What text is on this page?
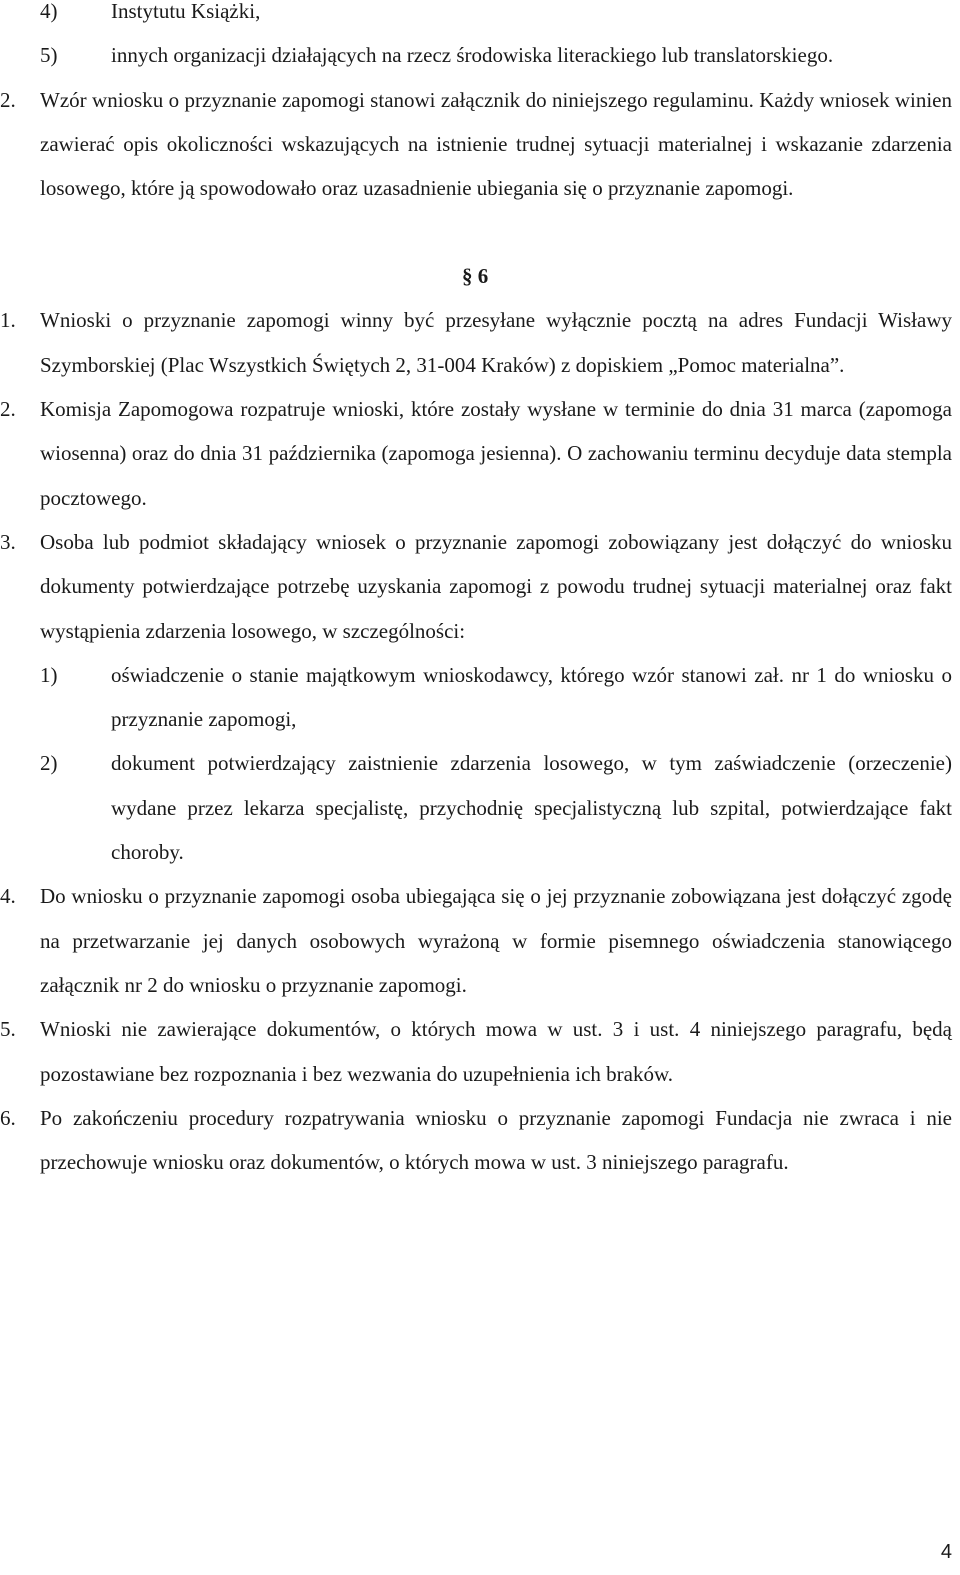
4)	Instytutu Książki,
5)	innych organizacji działających na rzecz środowiska literackiego lub translatorskiego.
2. Wzór wniosku o przyznanie zapomogi stanowi załącznik do niniejszego regulaminu. Każdy wniosek winien zawierać opis okoliczności wskazujących na istnienie trudnej sytuacji materialnej i wskazanie zdarzenia losowego, które ją spowodowało oraz uzasadnienie ubiegania się o przyznanie zapomogi.
§ 6
1. Wnioski o przyznanie zapomogi winny być przesyłane wyłącznie pocztą na adres Fundacji Wisławy Szymborskiej (Plac Wszystkich Świętych 2, 31-004 Kraków) z dopiskiem „Pomoc materialna”.
2. Komisja Zapomogowa rozpatruje wnioski, które zostały wysłane w terminie do dnia 31 marca (zapomoga wiosenna) oraz do dnia 31 października (zapomoga jesienna). O zachowaniu terminu decyduje data stempla pocztowego.
3. Osoba lub podmiot składający wniosek o przyznanie zapomogi zobowiązany jest dołączyć do wniosku dokumenty potwierdzające potrzebę uzyskania zapomogi z powodu trudnej sytuacji materialnej oraz fakt wystąpienia zdarzenia losowego, w szczególności:
1)	oświadczenie o stanie majątkowym wnioskodawcy, którego wzór stanowi zał. nr 1 do wniosku o przyznanie zapomogi,
2)	dokument potwierdzający zaistnienie zdarzenia losowego, w tym zaświadczenie (orzeczenie) wydane przez lekarza specjalistę, przychodnię specjalistyczną lub szpital, potwierdzające fakt choroby.
4. Do wniosku o przyznanie zapomogi osoba ubiegająca się o jej przyznanie zobowiązana jest dołączyć zgodę na przetwarzanie jej danych osobowych wyrażoną w formie pisemnego oświadczenia stanowiącego załącznik nr 2 do wniosku o przyznanie zapomogi.
5. Wnioski nie zawierające dokumentów, o których mowa w ust. 3 i ust. 4 niniejszego paragrafu, będą pozostawiane bez rozpoznania i bez wezwania do uzupełnienia ich braków.
6. Po zakończeniu procedury rozpatrywania wniosku o przyznanie zapomogi Fundacja nie zwraca i nie przechowuje wniosku oraz dokumentów, o których mowa w ust. 3 niniejszego paragrafu.
4
